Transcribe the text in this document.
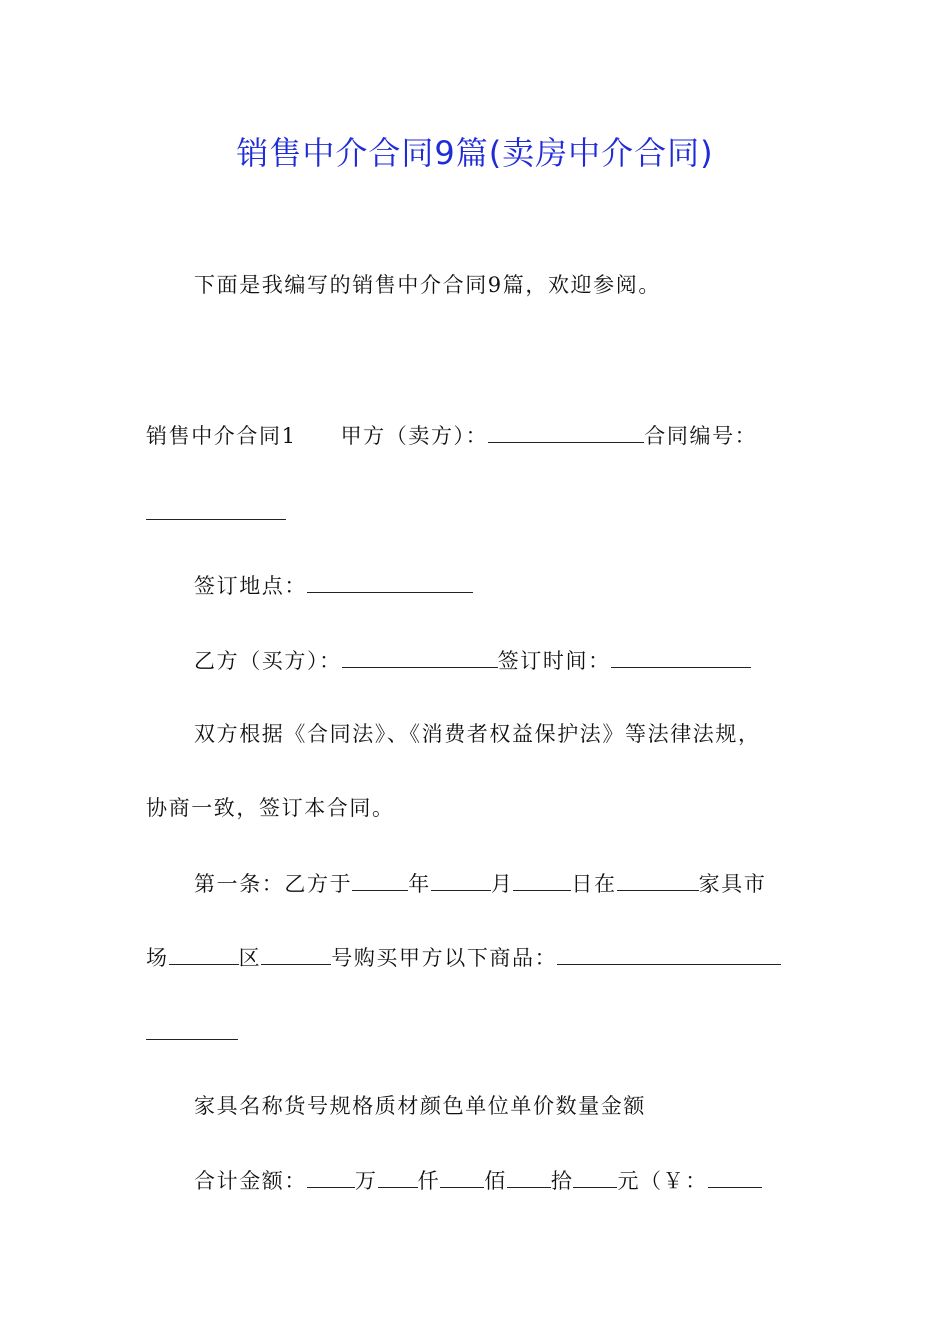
销售中介合同9篇(卖房中介合同)
下面是我编写的销售中介合同9篇，欢迎参阅。
销售中介合同1 甲方（卖方）：	合同编号：
签订地点：
乙方（买方）：	签订时间：
双方根据《合同法》、《消费者权益保护法》等法律法规，
协商一致，签订本合同。
第一条：乙方于	年	月	日在	家具市
场	区	号购买甲方以下商品：
家具名称货号规格质材颜色单位单价数量金额
合计金额： 万 仟 佰 拾 元（￥：
